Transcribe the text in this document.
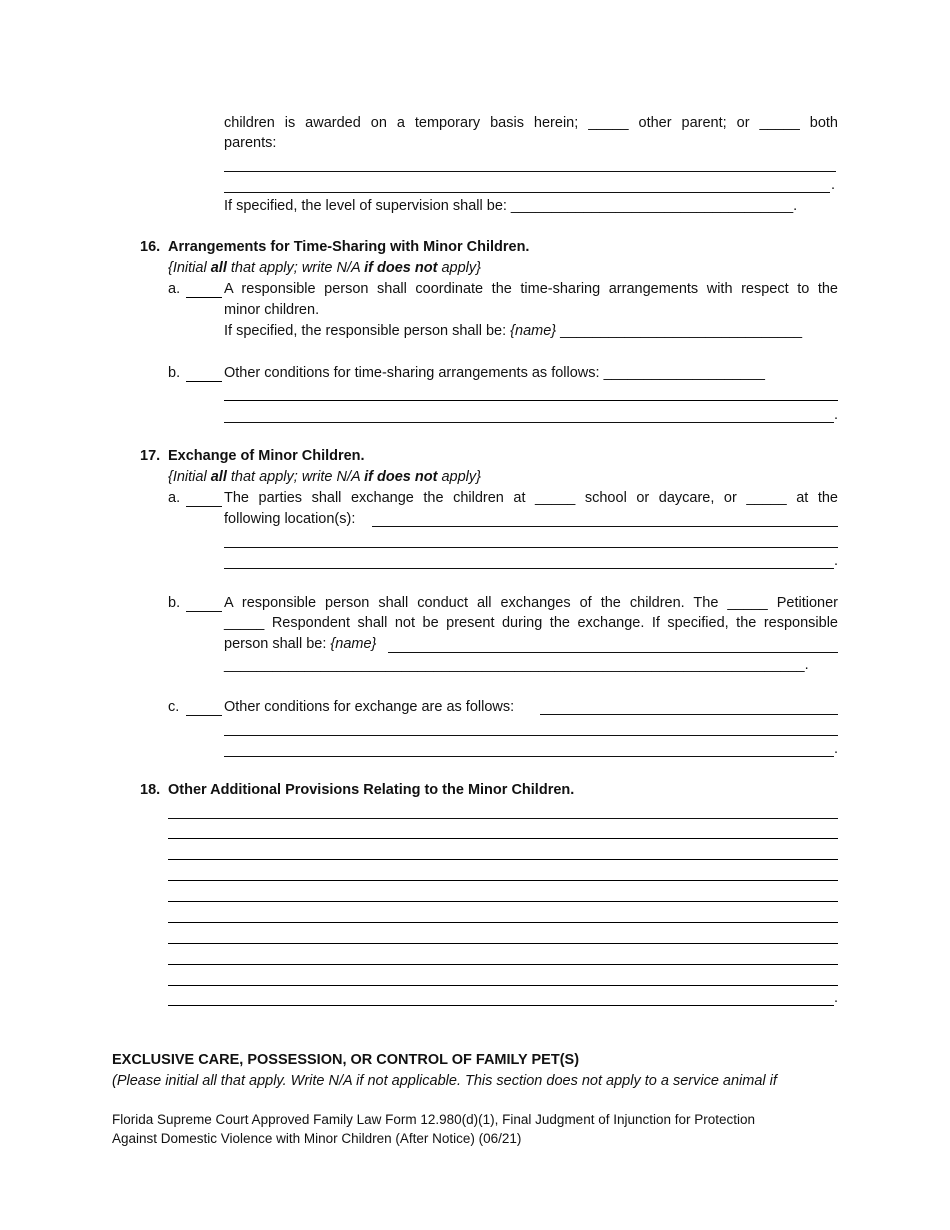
children is awarded on a temporary basis herein; _____ other parent; or _____ both

parents:

.

If specified, the level of supervision shall be: ___________________________________.

16. Arrangements for Time-Sharing with Minor Children.

{Initial all that apply; write N/A if does not apply}

a.	A responsible person shall coordinate the time-sharing arrangements with respect to the

minor children.

If specified, the responsible person shall be: {name} ______________________________

b.	Other conditions for time-sharing arrangements as follows: ____________________

.
17. Exchange of Minor Children.

{Initial all that apply; write N/A if does not apply}

a.	The parties shall exchange the children at _____ school or daycare, or _____ at the

following location(s):

.
b.	A responsible person shall conduct all exchanges of the children. The _____ Petitioner

_____ Respondent shall not be present during the exchange. If specified, the responsible

person shall be: {name}

________________________________________________________________________.

c.	Other conditions for exchange are as follows:

.
18. Other Additional Provisions Relating to the Minor Children.
.

EXCLUSIVE CARE, POSSESSION, OR CONTROL OF FAMILY PET(S)

(Please initial all that apply. Write N/A if not applicable. This section does not apply to a service animal if

Florida Supreme Court Approved Family Law Form 12.980(d)(1), Final Judgment of Injunction for Protection

Against Domestic Violence with Minor Children (After Notice) (06/21)
